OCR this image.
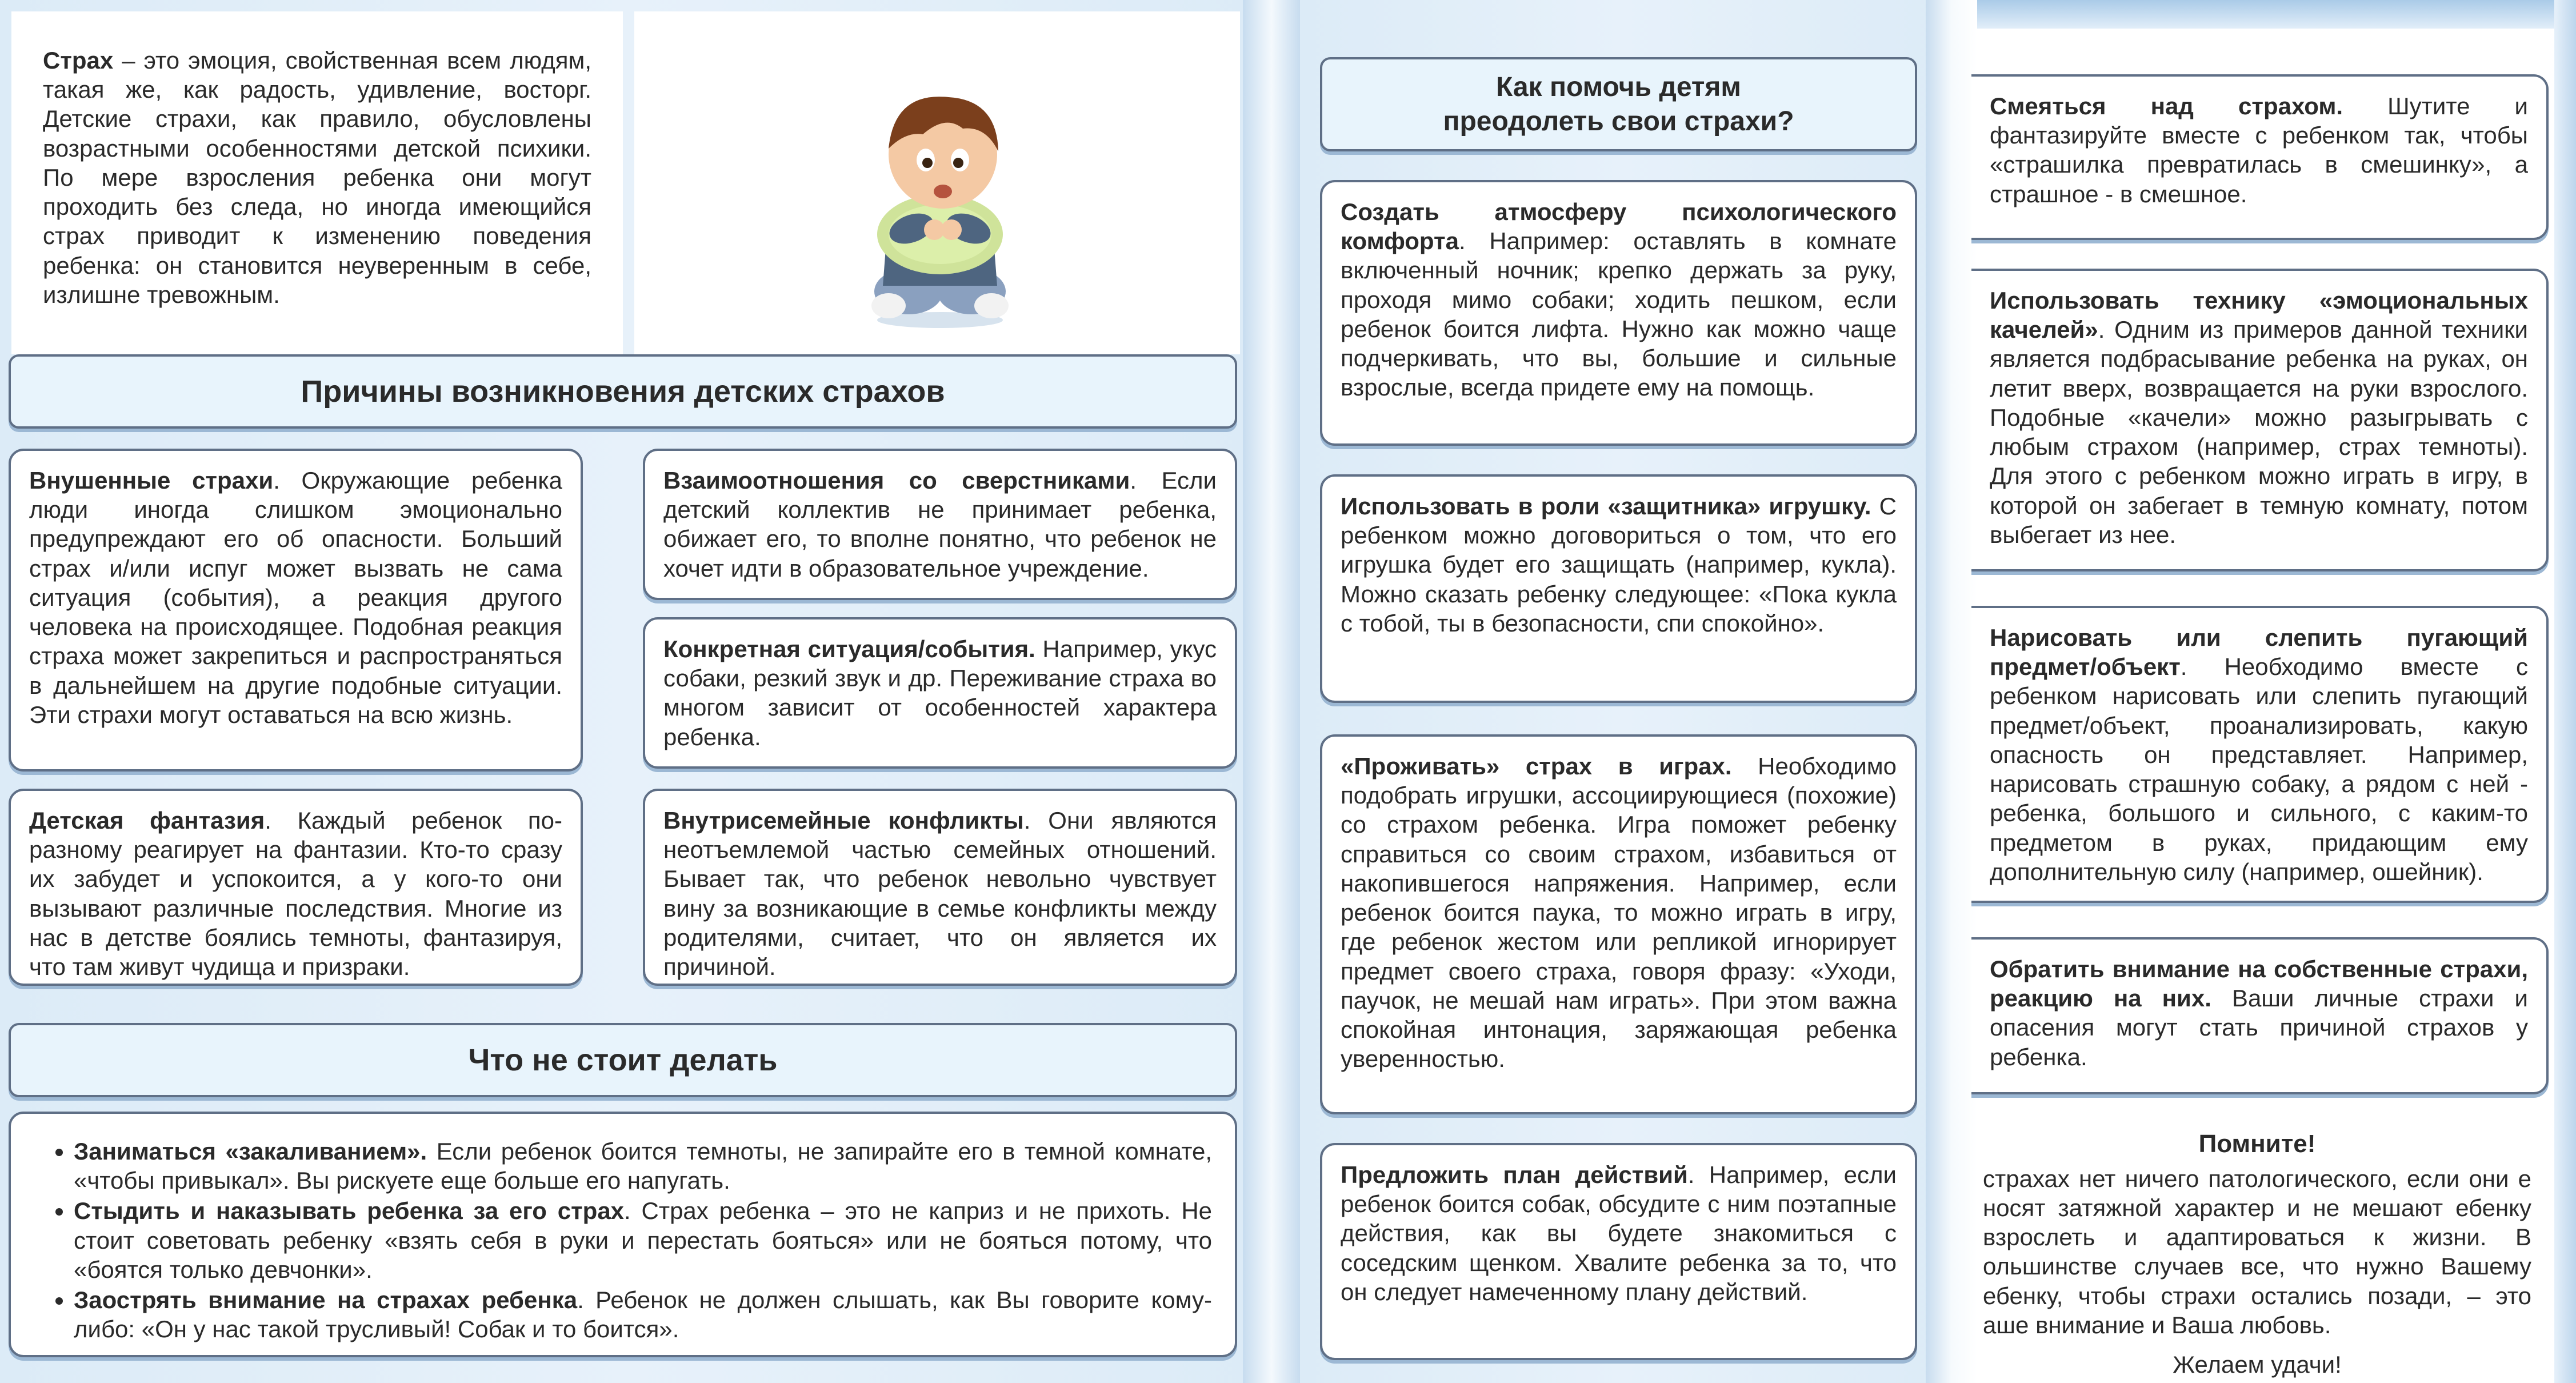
Страх – это эмоция, свойственная всем людям, такая же, как радость, удивление, восторг. Детские страхи, как правило, обусловлены возрастными особенностями детской психики. По мере взросления ребенка они могут проходить без следа, но иногда имеющийся страх приводит к изменению поведения ребенка: он становится неуверенным в себе, излишне тревожным.
Причины возникновения детских страхов
Внушенные страхи. Окружающие ребенка люди иногда слишком эмоционально предупреждают его об опасности. Больший страх и/или испуг может вызвать не сама ситуация (события), а реакция другого человека на происходящее. Подобная реакция страха может закрепиться и распространяться в дальнейшем на другие подобные ситуации. Эти страхи могут оставаться на всю жизнь.
Детская фантазия. Каждый ребенок по-разному реагирует на фантазии. Кто-то сразу их забудет и успокоится, а у кого-то они вызывают различные последствия. Многие из нас в детстве боялись темноты, фантазируя, что там живут чудища и призраки.
Взаимоотношения со сверстниками. Если детский коллектив не принимает ребенка, обижает его, то вполне понятно, что ребенок не хочет идти в образовательное учреждение.
Конкретная ситуация/события. Например, укус собаки, резкий звук и др. Переживание страха во многом зависит от особенностей характера ребенка.
Внутрисемейные конфликты. Они являются неотъемлемой частью семейных отношений. Бывает так, что ребенок невольно чувствует вину за возникающие в семье конфликты между родителями, считает, что он является их причиной.
Что не стоит делать
• Заниматься «закаливанием». Если ребенок боится темноты, не запирайте его в темной комнате, «чтобы привыкал». Вы рискуете еще больше его напугать.
• Стыдить и наказывать ребенка за его страх. Страх ребенка – это не каприз и не прихоть. Не стоит советовать ребенку «взять себя в руки и перестать бояться» или не бояться потому, что «боятся только девчонки».
• Заострять внимание на страхах ребенка. Ребенок не должен слышать, как Вы говорите кому-либо: «Он у нас такой трусливый! Собак и то боится».
Как помочь детям
преодолеть свои страхи?
Создать атмосферу психологического комфорта. Например: оставлять в комнате включенный ночник; крепко держать за руку, проходя мимо собаки; ходить пешком, если ребенок боится лифта. Нужно как можно чаще подчеркивать, что вы, большие и сильные взрослые, всегда придете ему на помощь.
Использовать в роли «защитника» игрушку. С ребенком можно договориться о том, что его игрушка будет его защищать (например, кукла). Можно сказать ребенку следующее: «Пока кукла с тобой, ты в безопасности, спи спокойно».
«Проживать» страх в играх. Необходимо подобрать игрушки, ассоциирующиеся (похожие) со страхом ребенка. Игра поможет ребенку справиться со своим страхом, избавиться от накопившегося напряжения. Например, если ребенок боится паука, то можно играть в игру, где ребенок жестом или репликой игнорирует предмет своего страха, говоря фразу: «Уходи, паучок, не мешай нам играть». При этом важна спокойная интонация, заряжающая ребенка уверенностью.
Предложить план действий. Например, если ребенок боится собак, обсудите с ним поэтапные действия, как вы будете знакомиться с соседским щенком. Хвалите ребенка за то, что он следует намеченному плану действий.
Смеяться над страхом. Шутите и фантазируйте вместе с ребенком так, чтобы «страшилка превратилась в смешинку», а страшное - в смешное.
Использовать технику «эмоциональных качелей». Одним из примеров данной техники является подбрасывание ребенка на руках, он летит вверх, возвращается на руки взрослого. Подобные «качели» можно разыгрывать с любым страхом (например, страх темноты). Для этого с ребенком можно играть в игру, в которой он забегает в темную комнату, потом выбегает из нее.
Нарисовать или слепить пугающий предмет/объект. Необходимо вместе с ребенком нарисовать или слепить пугающий предмет/объект, проанализировать, какую опасность он представляет. Например, нарисовать страшную собаку, а рядом с ней - ребенка, большого и сильного, с каким-то предметом в руках, придающим ему дополнительную силу (например, ошейник).
Обратить внимание на собственные страхи, реакцию на них. Ваши личные страхи и опасения могут стать причиной страхов у ребенка.
Помните!
страхах нет ничего патологического, если они е носят затяжной характер и не мешают ебенку взрослеть и адаптироваться к жизни. В ольшинстве случаев все, что нужно Вашему ебенку, чтобы страхи остались позади, – это аше внимание и Ваша любовь.
Желаем удачи!
